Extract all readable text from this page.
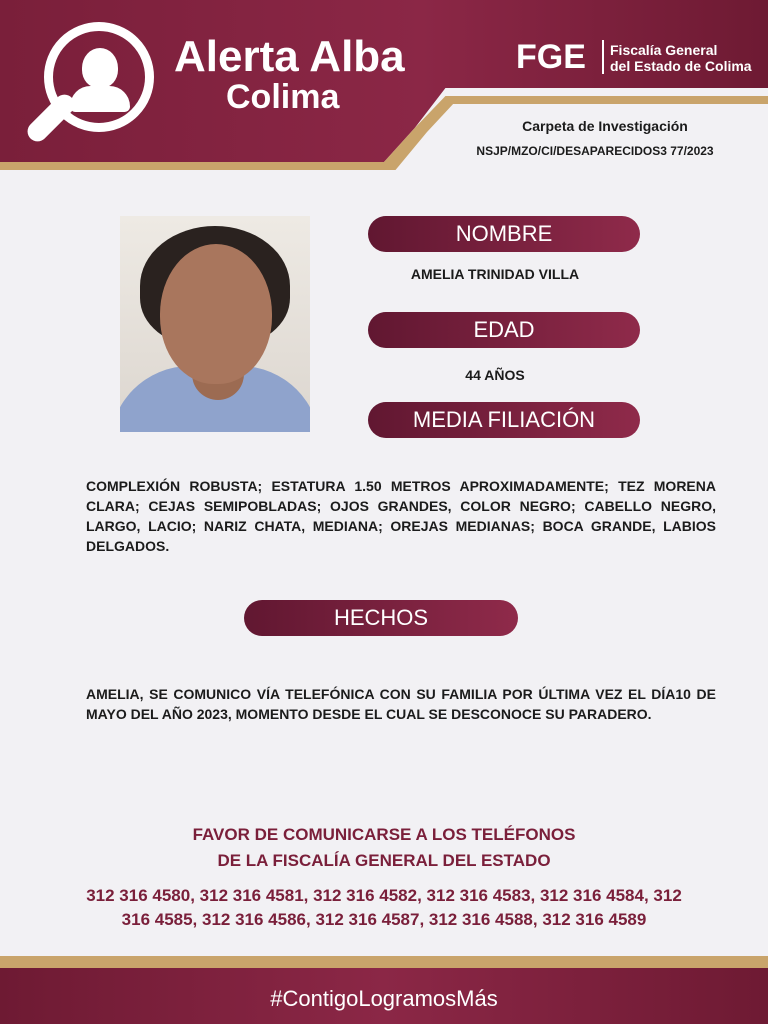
Alerta Alba
Colima
FGE Fiscalía General
del Estado de Colima
Carpeta de Investigación
NSJP/MZO/CI/DESAPARECIDOS3 77/2023
NOMBRE
AMELIA TRINIDAD VILLA
EDAD
44 AÑOS
MEDIA FILIACIÓN
COMPLEXIÓN ROBUSTA; ESTATURA 1.50 METROS APROXIMADAMENTE; TEZ MORENA CLARA; CEJAS SEMIPOBLADAS; OJOS GRANDES, COLOR NEGRO; CABELLO NEGRO, LARGO, LACIO; NARIZ CHATA, MEDIANA; OREJAS MEDIANAS; BOCA GRANDE, LABIOS DELGADOS.
HECHOS
AMELIA, SE COMUNICO VÍA TELEFÓNICA CON SU FAMILIA POR ÚLTIMA VEZ EL DÍA10 DE MAYO DEL AÑO 2023, MOMENTO DESDE EL CUAL SE DESCONOCE SU PARADERO.
FAVOR DE COMUNICARSE A LOS TELÉFONOS
DE LA FISCALÍA GENERAL DEL ESTADO
312 316 4580, 312 316 4581, 312 316 4582, 312 316 4583, 312 316 4584, 312 316 4585, 312 316 4586, 312 316 4587, 312 316 4588, 312 316 4589
#ContigoLogramosMás
